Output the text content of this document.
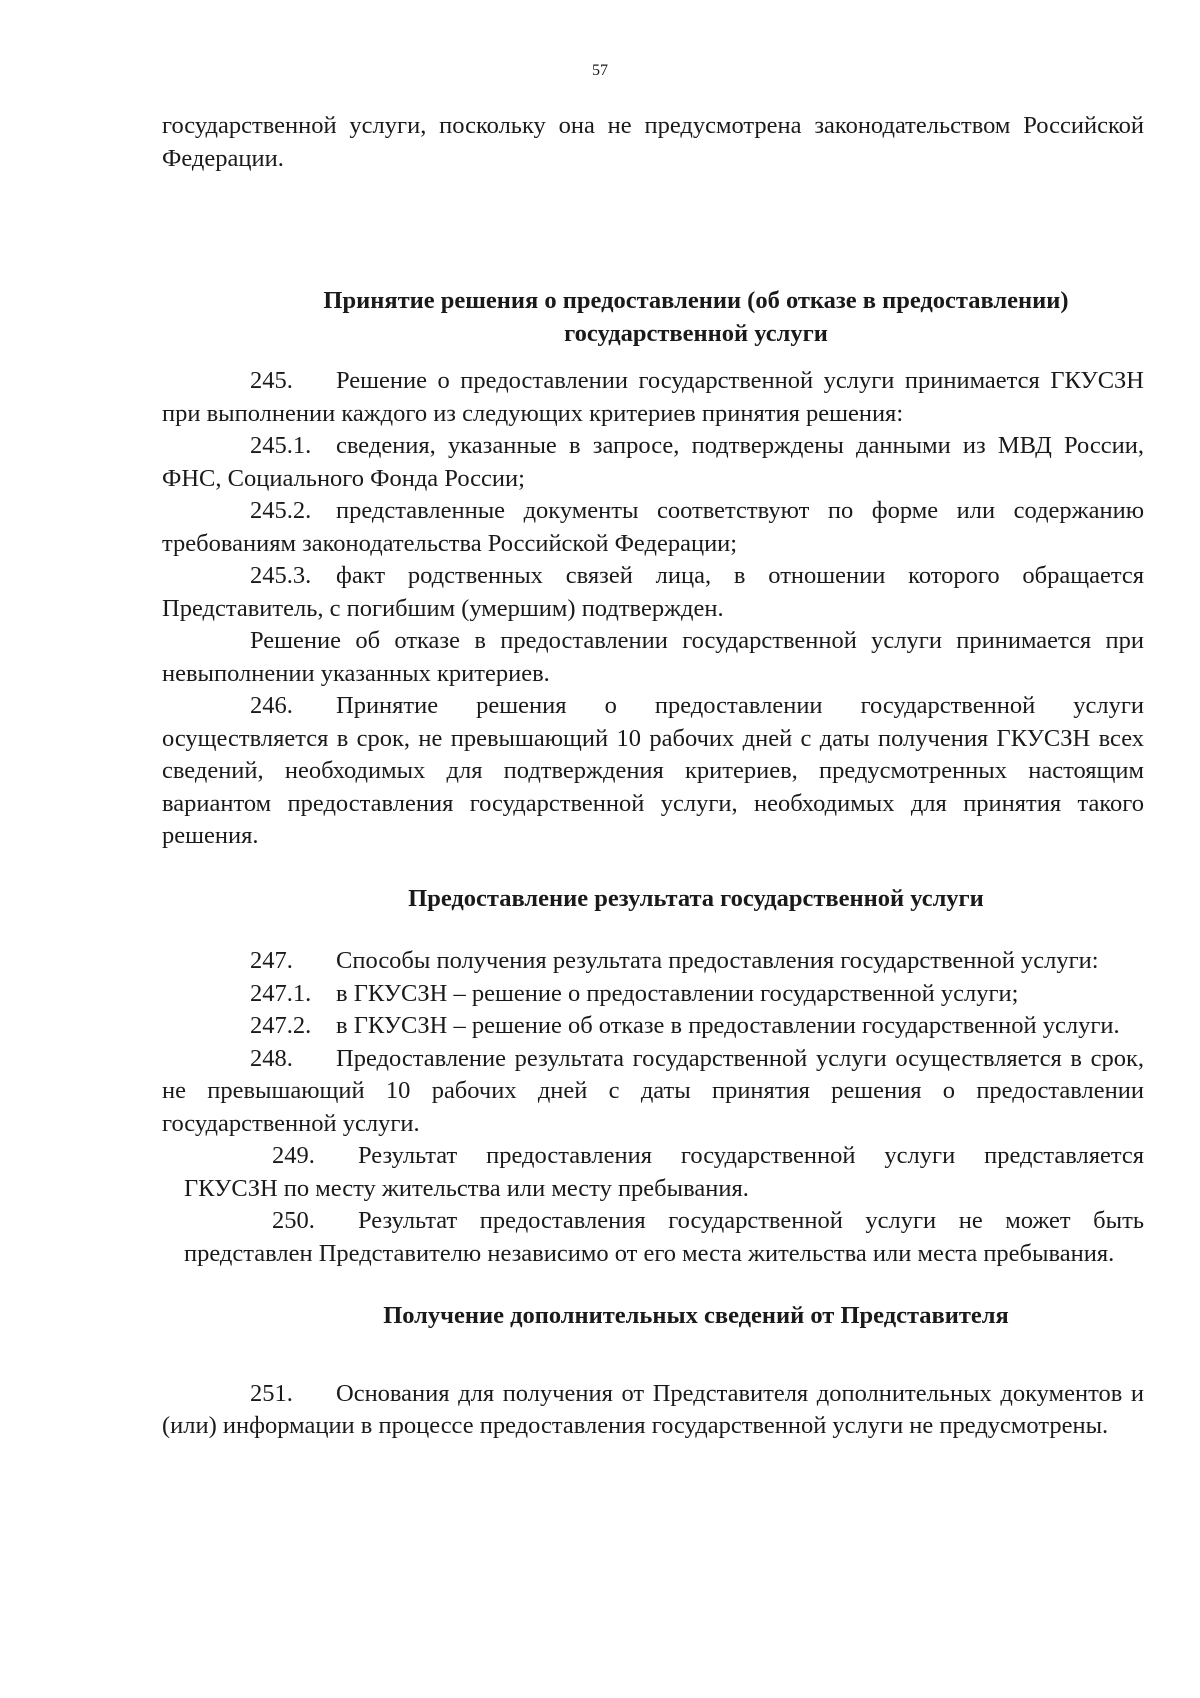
57

государственной услуги, поскольку она не предусмотрена законодательством Российской Федерации.

Принятие решения о предоставлении (об отказе в предоставлении) государственной услуги

245. Решение о предоставлении государственной услуги принимается ГКУСЗН при выполнении каждого из следующих критериев принятия решения:

245.1. сведения, указанные в запросе, подтверждены данными из МВД России, ФНС, Социального Фонда России;

245.2. представленные документы соответствуют по форме или содержанию требованиям законодательства Российской Федерации;

245.3. факт родственных связей лица, в отношении которого обращается Представитель, с погибшим (умершим) подтвержден.

Решение об отказе в предоставлении государственной услуги принимается при невыполнении указанных критериев.

246. Принятие решения о предоставлении государственной услуги осуществляется в срок, не превышающий 10 рабочих дней с даты получения ГКУСЗН всех сведений, необходимых для подтверждения критериев, предусмотренных настоящим вариантом предоставления государственной услуги, необходимых для принятия такого решения.

Предоставление результата государственной услуги

247. Способы получения результата предоставления государственной услуги:

247.1. в ГКУСЗН – решение о предоставлении государственной услуги;

247.2. в ГКУСЗН – решение об отказе в предоставлении государственной услуги.

248. Предоставление результата государственной услуги осуществляется в срок, не превышающий 10 рабочих дней с даты принятия решения о предоставлении государственной услуги.

249. Результат предоставления государственной услуги представляется ГКУСЗН по месту жительства или месту пребывания.

250. Результат предоставления государственной услуги не может быть представлен Представителю независимо от его места жительства или места пребывания.

Получение дополнительных сведений от Представителя

251. Основания для получения от Представителя дополнительных документов и (или) информации в процессе предоставления государственной услуги не предусмотрены.
